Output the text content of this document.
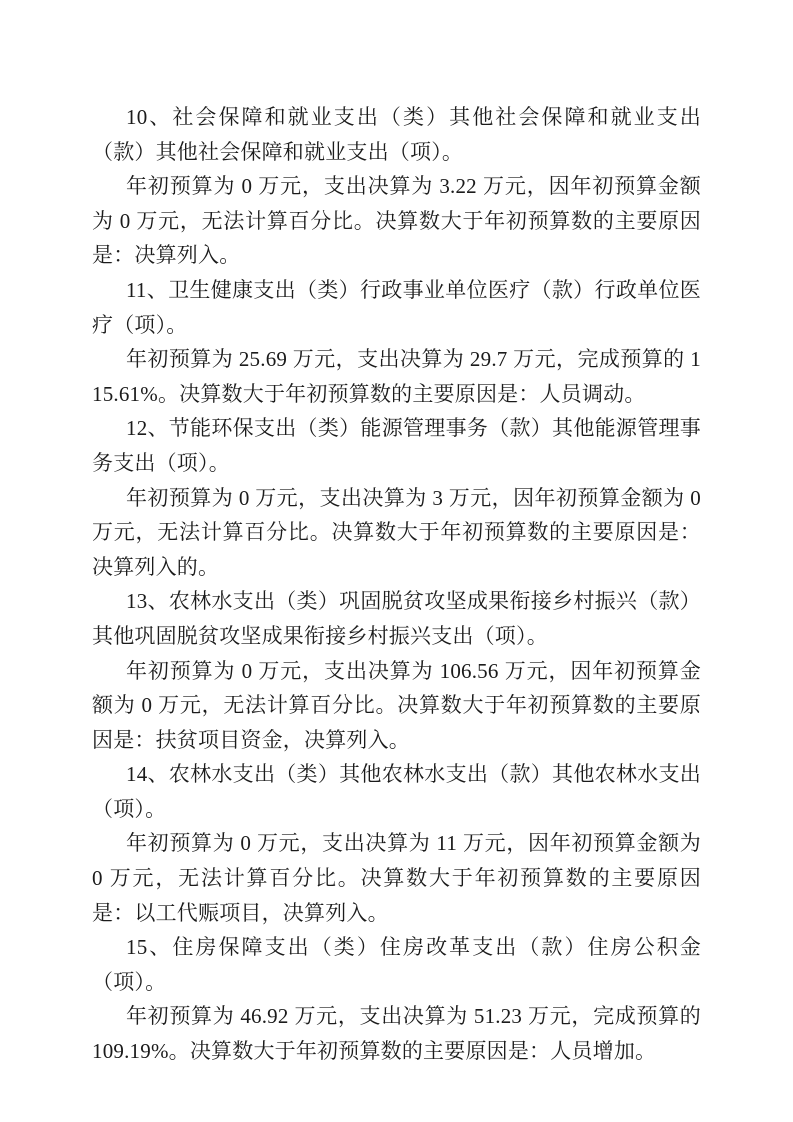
10、社会保障和就业支出（类）其他社会保障和就业支出（款）其他社会保障和就业支出（项）。

年初预算为 0 万元，支出决算为 3.22 万元，因年初预算金额为 0 万元，无法计算百分比。决算数大于年初预算数的主要原因是：决算列入。

11、卫生健康支出（类）行政事业单位医疗（款）行政单位医疗（项）。

年初预算为 25.69 万元，支出决算为 29.7 万元，完成预算的 115.61%。决算数大于年初预算数的主要原因是：人员调动。

12、节能环保支出（类）能源管理事务（款）其他能源管理事务支出（项）。

年初预算为 0 万元，支出决算为 3 万元，因年初预算金额为 0 万元，无法计算百分比。决算数大于年初预算数的主要原因是：决算列入的。

13、农林水支出（类）巩固脱贫攻坚成果衔接乡村振兴（款）其他巩固脱贫攻坚成果衔接乡村振兴支出（项）。

年初预算为 0 万元，支出决算为 106.56 万元，因年初预算金额为 0 万元，无法计算百分比。决算数大于年初预算数的主要原因是：扶贫项目资金，决算列入。

14、农林水支出（类）其他农林水支出（款）其他农林水支出（项）。

年初预算为 0 万元，支出决算为 11 万元，因年初预算金额为 0 万元，无法计算百分比。决算数大于年初预算数的主要原因是：以工代赈项目，决算列入。

15、住房保障支出（类）住房改革支出（款）住房公积金（项）。

年初预算为 46.92 万元，支出决算为 51.23 万元，完成预算的 109.19%。决算数大于年初预算数的主要原因是：人员增加。
